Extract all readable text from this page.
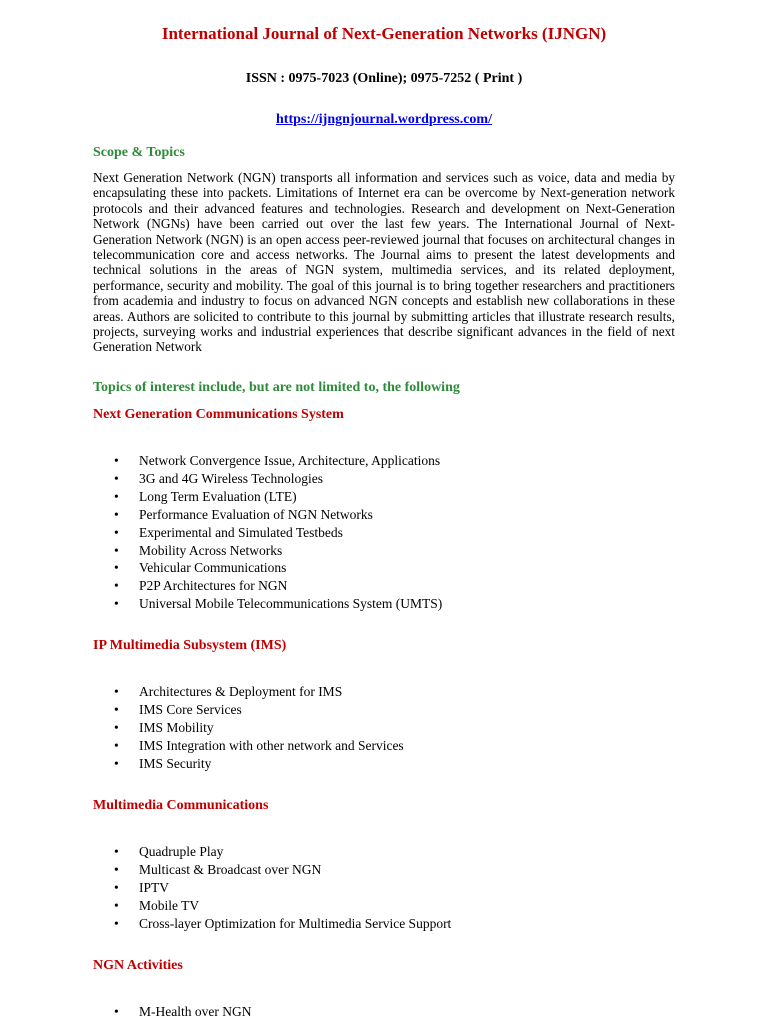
International Journal of Next-Generation Networks (IJNGN)
ISSN : 0975-7023 (Online); 0975-7252 ( Print )
https://ijngnjournal.wordpress.com/
Scope & Topics
Next Generation Network (NGN) transports all information and services such as voice, data and media by encapsulating these into packets. Limitations of Internet era can be overcome by Next-generation network protocols and their advanced features and technologies. Research and development on Next-Generation Network (NGNs) have been carried out over the last few years. The International Journal of Next- Generation Network (NGN) is an open access peer-reviewed journal that focuses on architectural changes in telecommunication core and access networks. The Journal aims to present the latest developments and technical solutions in the areas of NGN system, multimedia services, and its related deployment, performance, security and mobility. The goal of this journal is to bring together researchers and practitioners from academia and industry to focus on advanced NGN concepts and establish new collaborations in these areas. Authors are solicited to contribute to this journal by submitting articles that illustrate research results, projects, surveying works and industrial experiences that describe significant advances in the field of next Generation Network
Topics of interest include, but are not limited to, the following
Next Generation Communications System
• Network Convergence Issue, Architecture, Applications
• 3G and 4G Wireless Technologies
• Long Term Evaluation (LTE)
• Performance Evaluation of NGN Networks
• Experimental and Simulated Testbeds
• Mobility Across Networks
• Vehicular Communications
• P2P Architectures for NGN
• Universal Mobile Telecommunications System (UMTS)
IP Multimedia Subsystem (IMS)
• Architectures & Deployment for IMS
• IMS Core Services
• IMS Mobility
• IMS Integration with other network and Services
• IMS Security
Multimedia Communications
• Quadruple Play
• Multicast & Broadcast over NGN
• IPTV
• Mobile TV
• Cross-layer Optimization for Multimedia Service Support
NGN Activities
• M-Health over NGN
